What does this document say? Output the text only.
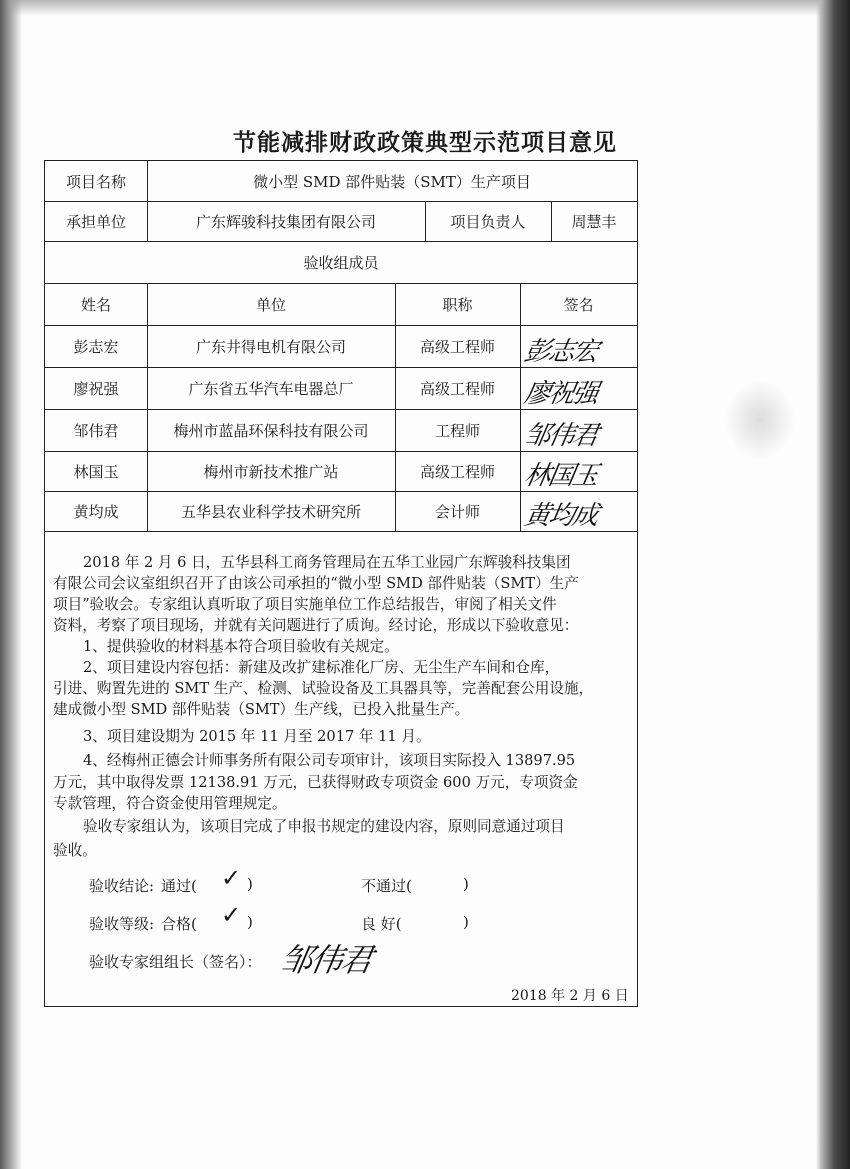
节能减排财政政策典型示范项目意见
项目名称	微小型 SMD 部件贴装（SMT）生产项目
承担单位	广东辉骏科技集团有限公司	项目负责人	周慧丰
验收组成员
姓名	单位	职称	签名
彭志宏	广东井得电机有限公司	高级工程师	彭志宏
廖祝强	广东省五华汽车电器总厂	高级工程师	廖祝强
邹伟君	梅州市蓝晶环保科技有限公司	工程师	邹伟君
林国玉	梅州市新技术推广站	高级工程师	林国玉
黄均成	五华县农业科学技术研究所	会计师	黄均成
2018 年 2 月 6 日，五华县科工商务管理局在五华工业园广东辉骏科技集团
有限公司会议室组织召开了由该公司承担的“微小型 SMD 部件贴装（SMT）生产
项目”验收会。专家组认真听取了项目实施单位工作总结报告，审阅了相关文件
资料，考察了项目现场，并就有关问题进行了质询。经讨论，形成以下验收意见：
1、提供验收的材料基本符合项目验收有关规定。
2、项目建设内容包括：新建及改扩建标准化厂房、无尘生产车间和仓库，
引进、购置先进的 SMT 生产、检测、试验设备及工具器具等，完善配套公用设施，
建成微小型 SMD 部件贴装（SMT）生产线，已投入批量生产。
3、项目建设期为 2015 年 11 月至 2017 年 11 月。
4、经梅州正德会计师事务所有限公司专项审计，该项目实际投入 13897.95
万元，其中取得发票 12138.91 万元，已获得财政专项资金 600 万元，专项资金
专款管理，符合资金使用管理规定。
验收专家组认为，该项目完成了申报书规定的建设内容，原则同意通过项目
验收。
验收结论: 通过( ✓ )	不通过(	)
验收等级: 合格( ✓ )	良 好(	)
验收专家组组长（签名）： 邹伟君
2018 年 2 月 6 日
